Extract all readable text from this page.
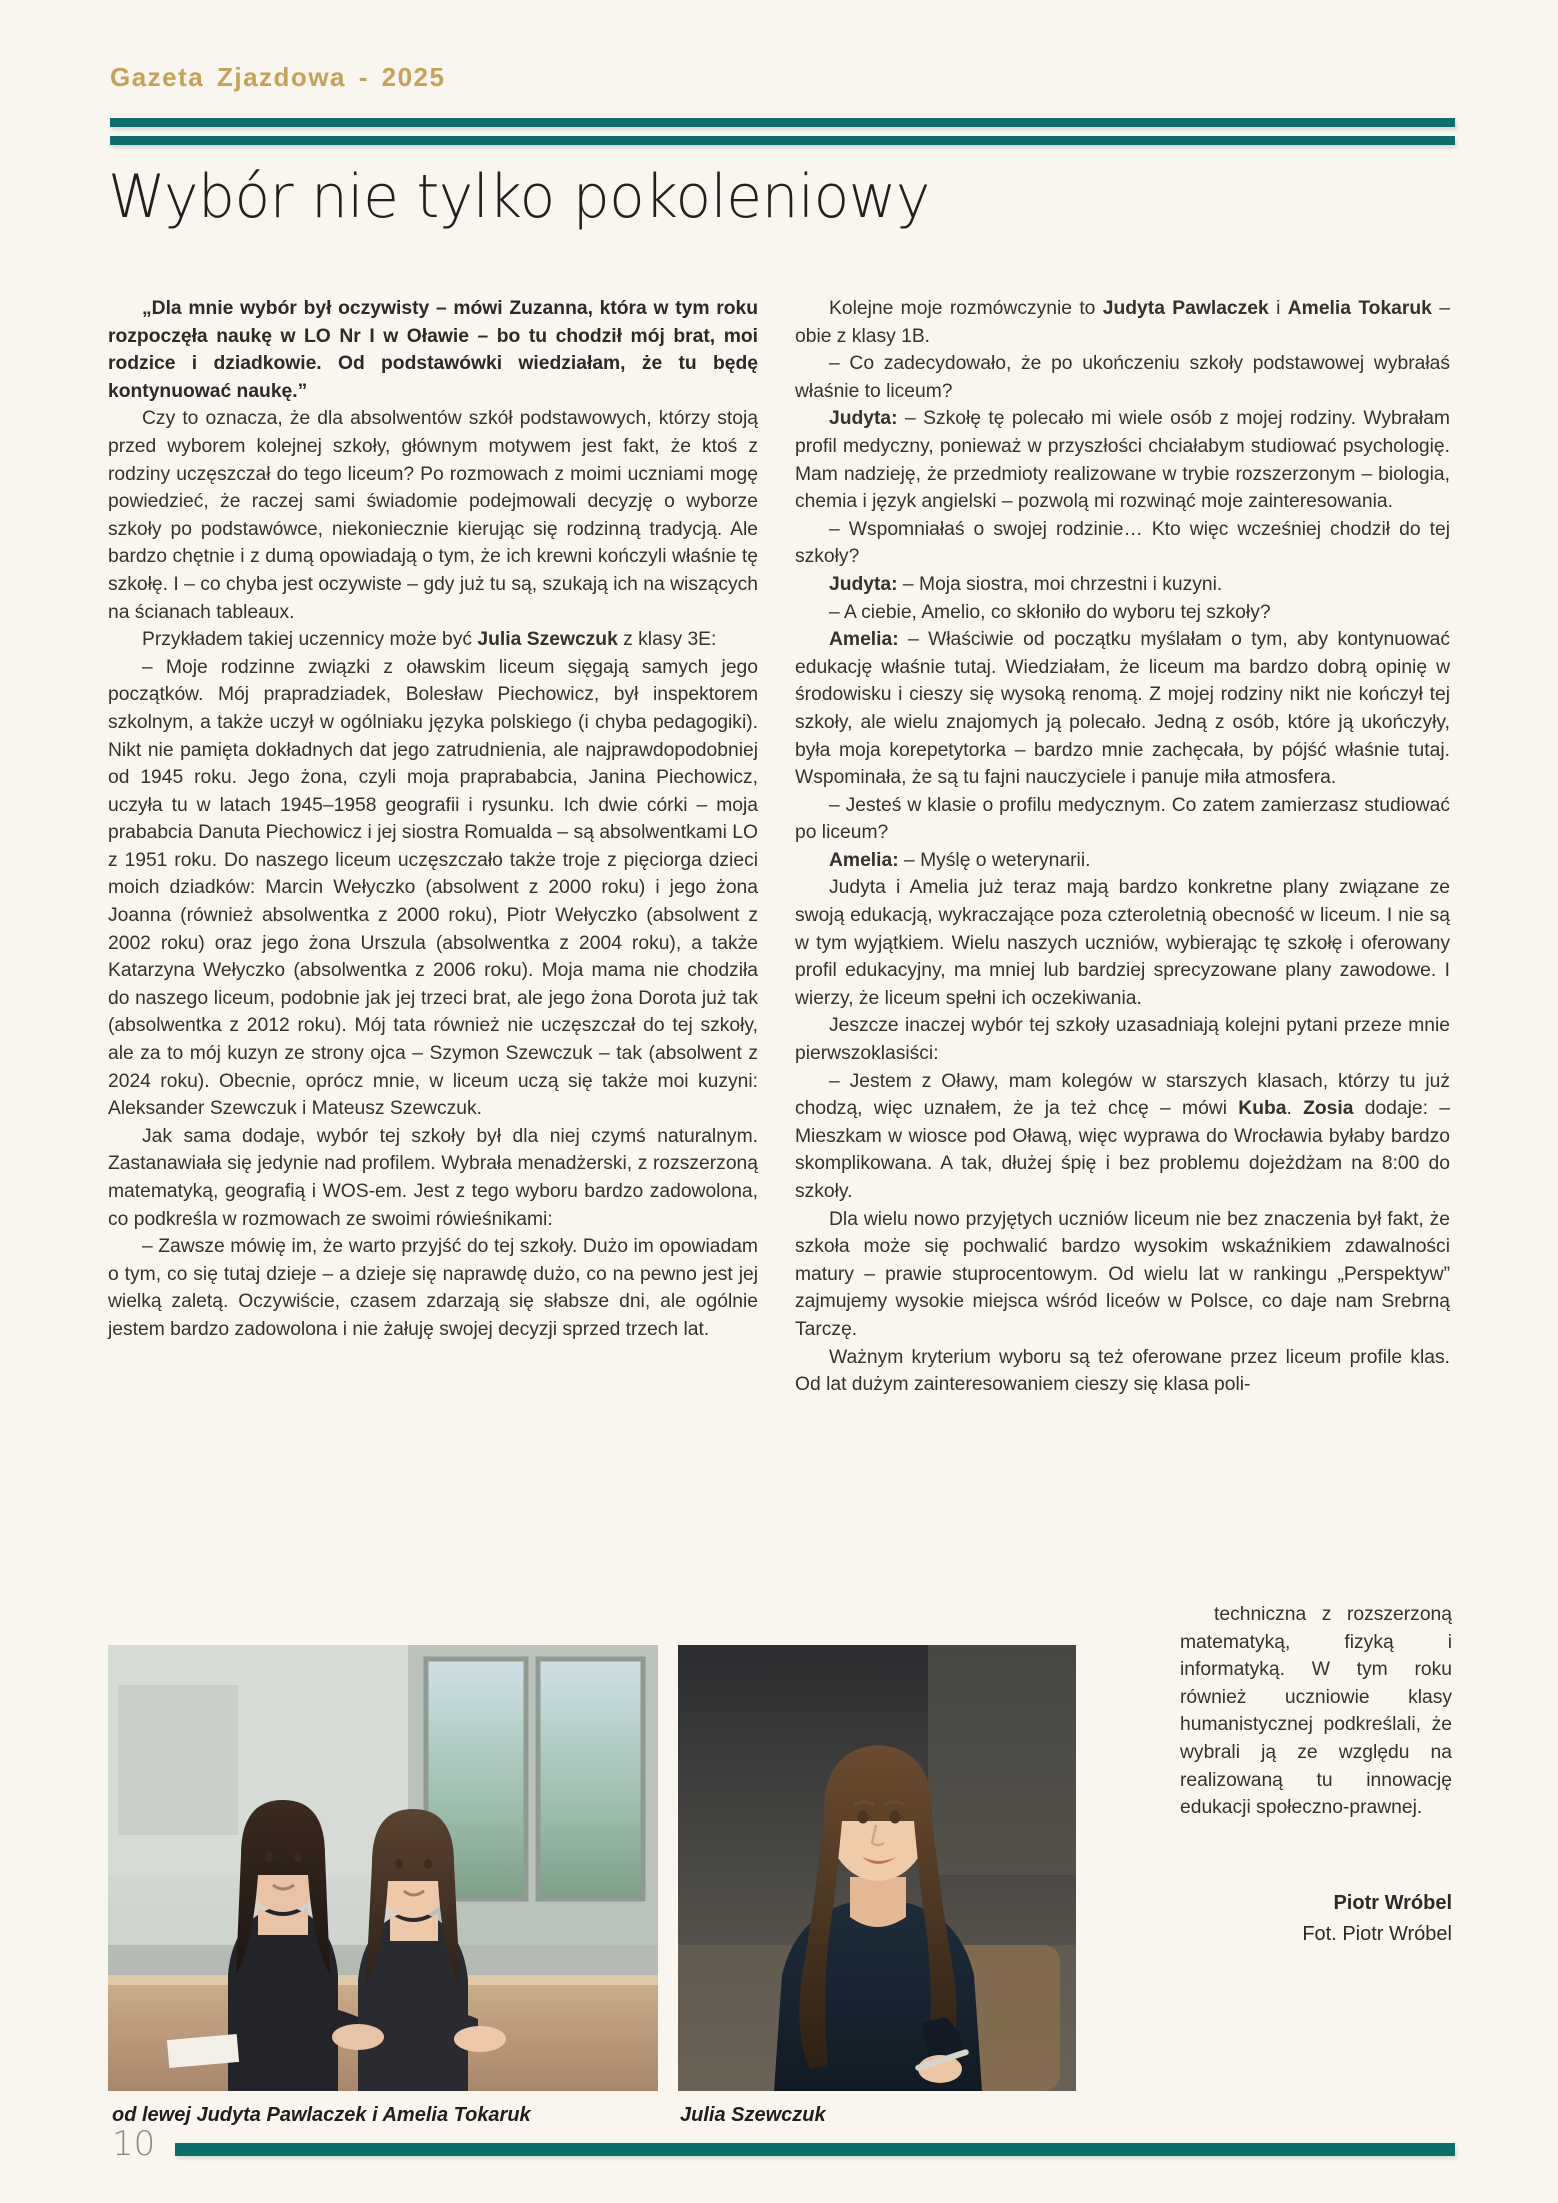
Gazeta Zjazdowa - 2025
Wybór nie tylko pokoleniowy

„Dla mnie wybór był oczywisty – mówi Zuzanna, która w tym roku rozpoczęła naukę w LO Nr I w Oławie – bo tu chodził mój brat, moi rodzice i dziadkowie. Od podstawówki wiedziałam, że tu będę kontynuować naukę.”

Czy to oznacza, że dla absolwentów szkół podstawowych, którzy stoją przed wyborem kolejnej szkoły, głównym motywem jest fakt, że ktoś z rodziny uczęszczał do tego liceum? Po rozmowach z moimi uczniami mogę powiedzieć, że raczej sami świadomie podejmowali decyzję o wyborze szkoły po podstawówce, niekoniecznie kierując się rodzinną tradycją. Ale bardzo chętnie i z dumą opowiadają o tym, że ich krewni kończyli właśnie tę szkołę. I – co chyba jest oczywiste – gdy już tu są, szukają ich na wiszących na ścianach tableaux.

Przykładem takiej uczennicy może być Julia Szewczuk z klasy 3E:

– Moje rodzinne związki z oławskim liceum sięgają samych jego początków. Mój prapradziadek, Bolesław Piechowicz, był inspektorem szkolnym, a także uczył w ogólniaku języka polskiego (i chyba pedagogiki). Nikt nie pamięta dokładnych dat jego zatrudnienia, ale najprawdopodobniej od 1945 roku. Jego żona, czyli moja praprababcia, Janina Piechowicz, uczyła tu w latach 1945–1958 geografii i rysunku. Ich dwie córki – moja prababcia Danuta Piechowicz i jej siostra Romualda – są absolwentkami LO z 1951 roku. Do naszego liceum uczęszczało także troje z pięciorga dzieci moich dziadków: Marcin Wełyczko (absolwent z 2000 roku) i jego żona Joanna (również absolwentka z 2000 roku), Piotr Wełyczko (absolwent z 2002 roku) oraz jego żona Urszula (absolwentka z 2004 roku), a także Katarzyna Wełyczko (absolwentka z 2006 roku). Moja mama nie chodziła do naszego liceum, podobnie jak jej trzeci brat, ale jego żona Dorota już tak (absolwentka z 2012 roku). Mój tata również nie uczęszczał do tej szkoły, ale za to mój kuzyn ze strony ojca – Szymon Szewczuk – tak (absolwent z 2024 roku). Obecnie, oprócz mnie, w liceum uczą się także moi kuzyni: Aleksander Szewczuk i Mateusz Szewczuk.

Jak sama dodaje, wybór tej szkoły był dla niej czymś naturalnym. Zastanawiała się jedynie nad profilem. Wybrała menadżerski, z rozszerzoną matematyką, geografią i WOS-em. Jest z tego wyboru bardzo zadowolona, co podkreśla w rozmowach ze swoimi rówieśnikami:

– Zawsze mówię im, że warto przyjść do tej szkoły. Dużo im opowiadam o tym, co się tutaj dzieje – a dzieje się naprawdę dużo, co na pewno jest jej wielką zaletą. Oczywiście, czasem zdarzają się słabsze dni, ale ogólnie jestem bardzo zadowolona i nie żałuję swojej decyzji sprzed trzech lat.

Kolejne moje rozmówczynie to Judyta Pawlaczek i Amelia Tokaruk – obie z klasy 1B.

– Co zadecydowało, że po ukończeniu szkoły podstawowej wybrałaś właśnie to liceum?

Judyta: – Szkołę tę polecało mi wiele osób z mojej rodziny. Wybrałam profil medyczny, ponieważ w przyszłości chciałabym studiować psychologię. Mam nadzieję, że przedmioty realizowane w trybie rozszerzonym – biologia, chemia i język angielski – pozwolą mi rozwinąć moje zainteresowania.

– Wspomniałaś o swojej rodzinie… Kto więc wcześniej chodził do tej szkoły?

Judyta: – Moja siostra, moi chrzestni i kuzyni.

– A ciebie, Amelio, co skłoniło do wyboru tej szkoły?

Amelia: – Właściwie od początku myślałam o tym, aby kontynuować edukację właśnie tutaj. Wiedziałam, że liceum ma bardzo dobrą opinię w środowisku i cieszy się wysoką renomą. Z mojej rodziny nikt nie kończył tej szkoły, ale wielu znajomych ją polecało. Jedną z osób, które ją ukończyły, była moja korepetytorka – bardzo mnie zachęcała, by pójść właśnie tutaj. Wspominała, że są tu fajni nauczyciele i panuje miła atmosfera.

– Jesteś w klasie o profilu medycznym. Co zatem zamierzasz studiować po liceum?

Amelia: – Myślę o weterynarii.

Judyta i Amelia już teraz mają bardzo konkretne plany związane ze swoją edukacją, wykraczające poza czteroletnią obecność w liceum. I nie są w tym wyjątkiem. Wielu naszych uczniów, wybierając tę szkołę i oferowany profil edukacyjny, ma mniej lub bardziej sprecyzowane plany zawodowe. I wierzy, że liceum spełni ich oczekiwania.

Jeszcze inaczej wybór tej szkoły uzasadniają kolejni pytani przeze mnie pierwszoklasiści:

– Jestem z Oławy, mam kolegów w starszych klasach, którzy tu już chodzą, więc uznałem, że ja też chcę – mówi Kuba. Zosia dodaje: – Mieszkam w wiosce pod Oławą, więc wyprawa do Wrocławia byłaby bardzo skomplikowana. A tak, dłużej śpię i bez problemu dojeżdżam na 8:00 do szkoły.

Dla wielu nowo przyjętych uczniów liceum nie bez znaczenia był fakt, że szkoła może się pochwalić bardzo wysokim wskaźnikiem zdawalności matury – prawie stuprocentowym. Od wielu lat w rankingu „Perspektyw” zajmujemy wysokie miejsca wśród liceów w Polsce, co daje nam Srebrną Tarczę.

Ważnym kryterium wyboru są też oferowane przez liceum profile klas. Od lat dużym zainteresowaniem cieszy się klasa poli-

techniczna z rozszerzoną matematyką, fizyką i informatyką. W tym roku również uczniowie klasy humanistycznej podkreślali, że wybrali ją ze względu na realizowaną tu innowację edukacji społeczno-prawnej.

Piotr Wróbel
Fot. Piotr Wróbel
od lewej Judyta Pawlaczek i Amelia Tokaruk	Julia Szewczuk
10
